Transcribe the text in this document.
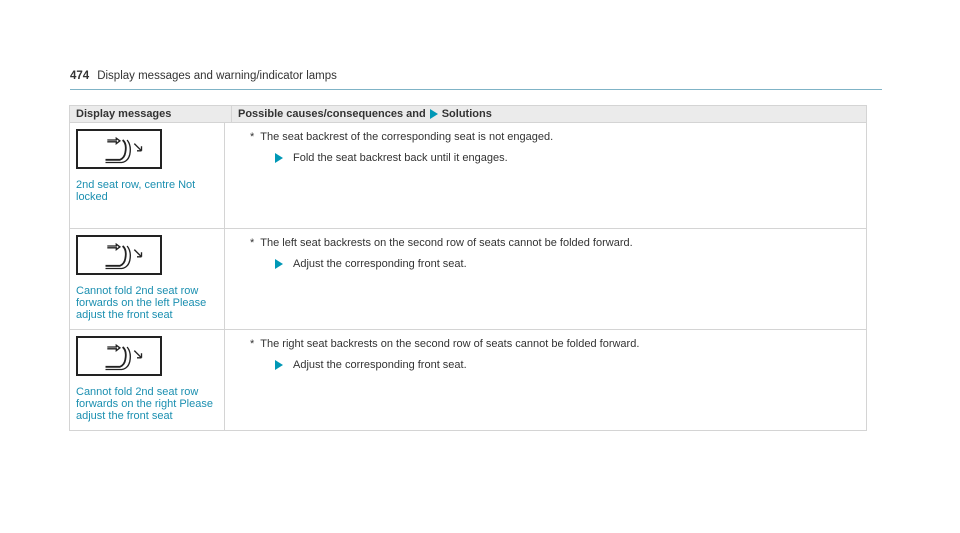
474 Display messages and warning/indicator lamps
Display messages	Possible causes/consequences and Solutions
2nd seat row, centre Not locked
* The seat backrest of the corresponding seat is not engaged.
Fold the seat backrest back until it engages.
Cannot fold 2nd seat row forwards on the left Please adjust the front seat
* The left seat backrests on the second row of seats cannot be folded forward.
Adjust the corresponding front seat.
Cannot fold 2nd seat row forwards on the right Please adjust the front seat
* The right seat backrests on the second row of seats cannot be folded forward.
Adjust the corresponding front seat.
